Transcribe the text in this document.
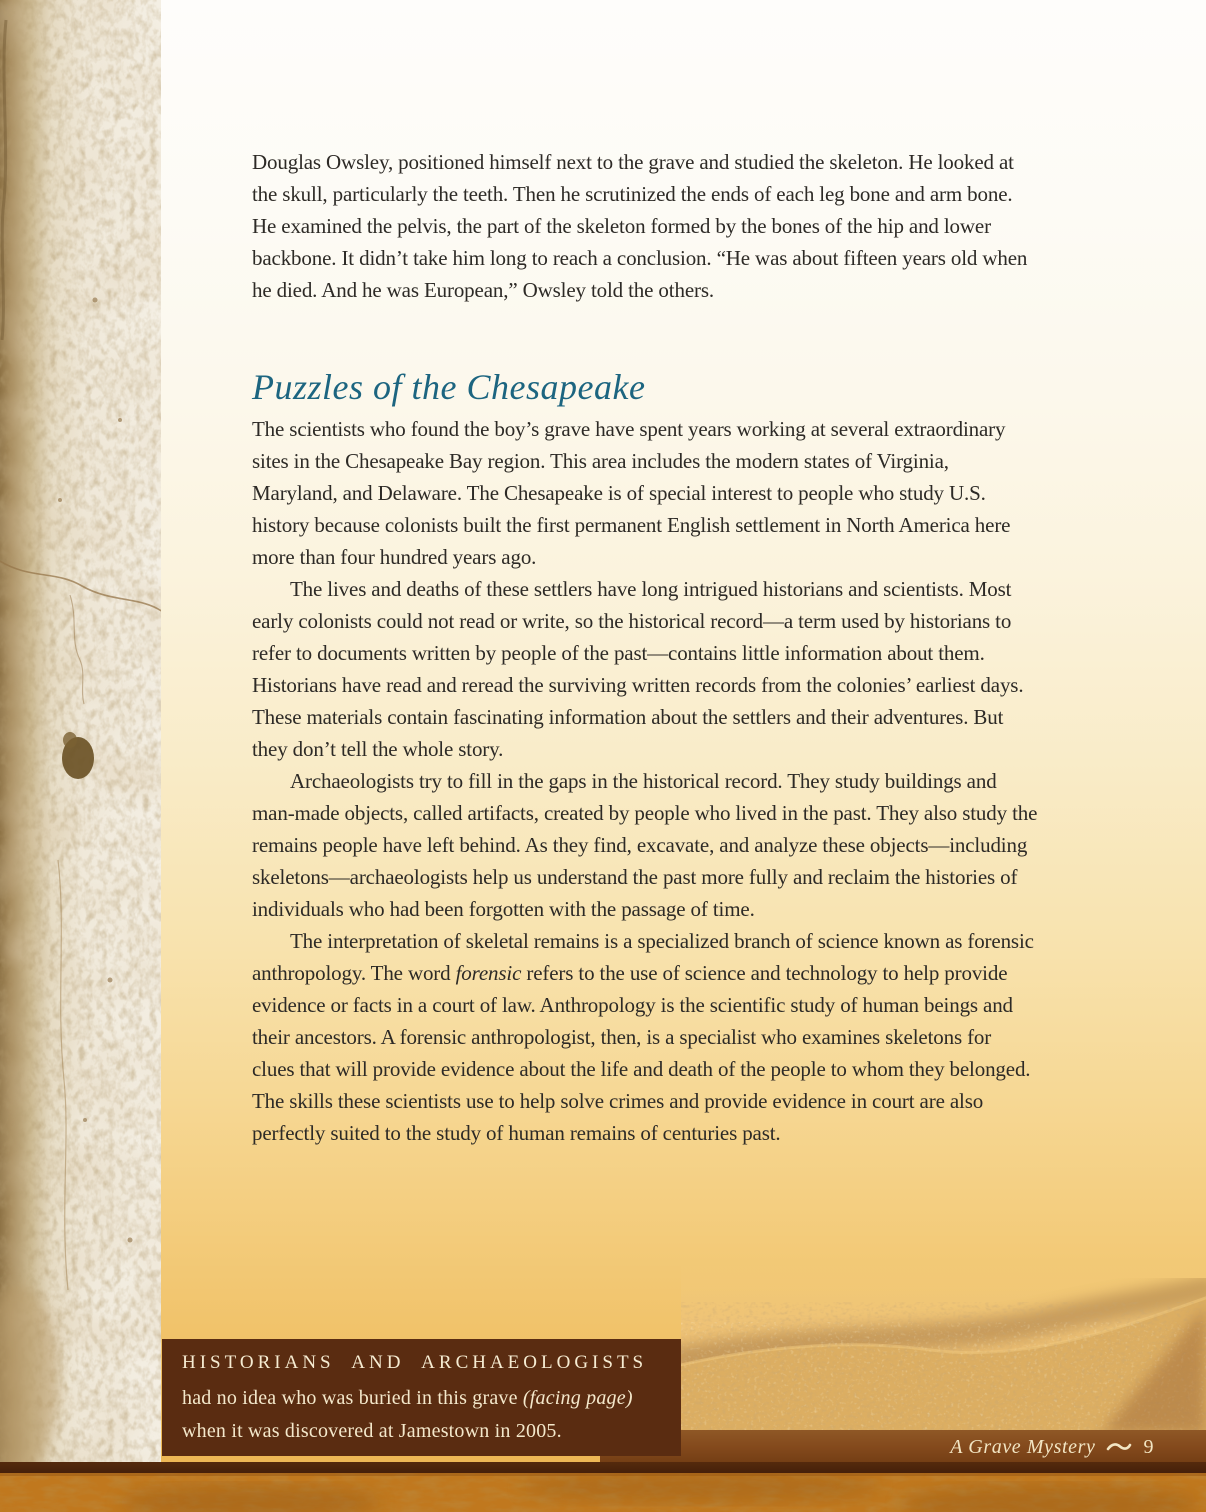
A Grave Mystery 9

Douglas Owsley, positioned himself next to the grave and studied the skeleton. He looked at the skull, particularly the teeth. Then he scrutinized the ends of each leg bone and arm bone. He examined the pelvis, the part of the skeleton formed by the bones of the hip and lower backbone. It didn’t take him long to reach a conclusion. “He was about fifteen years old when he died. And he was European,” Owsley told the others.

Puzzles of the Chesapeake

The scientists who found the boy’s grave have spent years working at several extraordinary sites in the Chesapeake Bay region. This area includes the modern states of Virginia, Maryland, and Delaware. The Chesapeake is of special interest to people who study U.S. history because colonists built the first permanent English settlement in North America here more than four hundred years ago.

The lives and deaths of these settlers have long intrigued historians and scientists. Most early colonists could not read or write, so the historical record—a term used by historians to refer to documents written by people of the past—contains little information about them. Historians have read and reread the surviving written records from the colonies’ earliest days. These materials contain fascinating information about the settlers and their adventures. But they don’t tell the whole story.

Archaeologists try to fill in the gaps in the historical record. They study buildings and man-made objects, called artifacts, created by people who lived in the past. They also study the remains people have left behind. As they find, excavate, and analyze these objects—including skeletons—archaeologists help us understand the past more fully and reclaim the histories of individuals who had been forgotten with the passage of time.

The interpretation of skeletal remains is a specialized branch of science known as forensic anthropology. The word forensic refers to the use of science and technology to help provide evidence or facts in a court of law. Anthropology is the scientific study of human beings and their ancestors. A forensic anthropologist, then, is a specialist who examines skeletons for clues that will provide evidence about the life and death of the people to whom they belonged. The skills these scientists use to help solve crimes and provide evidence in court are also perfectly suited to the study of human remains of centuries past.

HISTORIANS AND ARCHAEOLOGISTS
had no idea who was buried in this grave (facing page)
when it was discovered at Jamestown in 2005.
